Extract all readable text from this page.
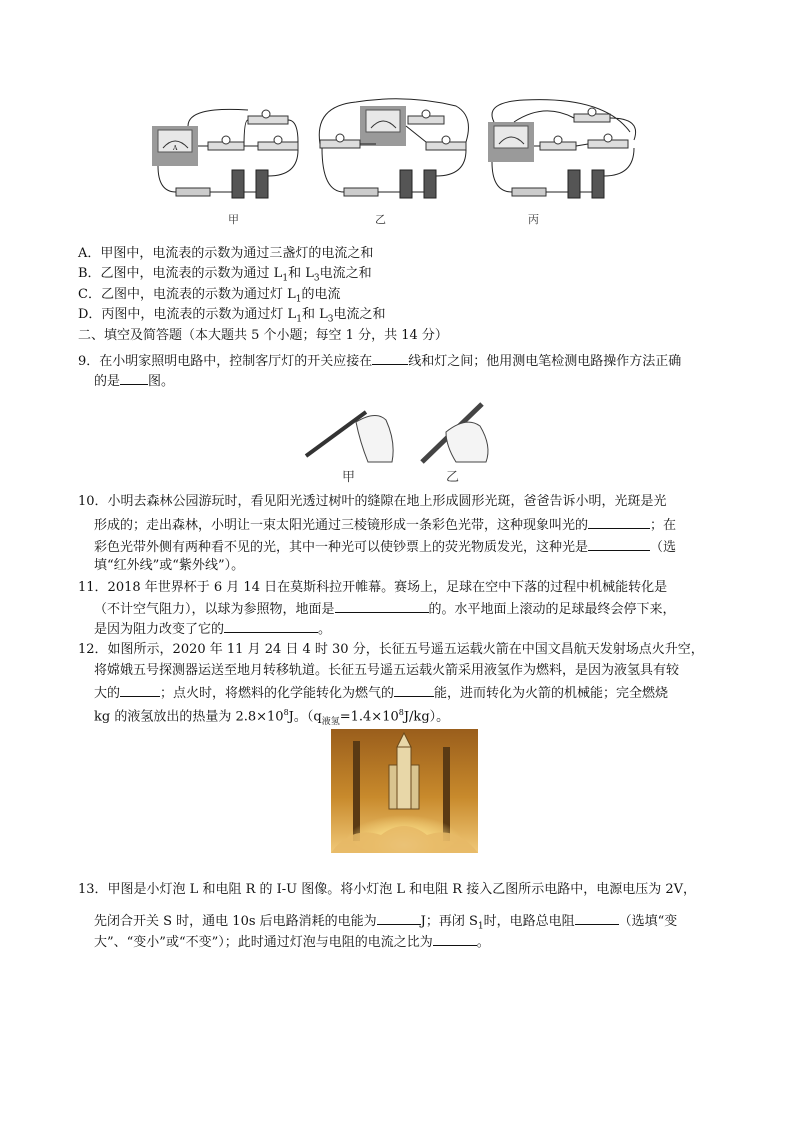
A
甲	乙	丙
A．甲图中，电流表的示数为通过三盏灯的电流之和
B．乙图中，电流表的示数为通过 $L_1$和 $L_3$电流之和
C．乙图中，电流表的示数为通过灯 $L_1$的电流
D．丙图中，电流表的示数为通过灯 $L_1$和 $L_3$电流之和
二、填空及简答题（本大题共 5 个小题；每空 1 分，共 14 分）
9．在小明家照明电路中，控制客厅灯的开关应接在	线和灯之间；他用测电笔检测电路操作方法正确
的是 图。
甲	乙
10．小明去森林公园游玩时，看见阳光透过树叶的缝隙在地上形成圆形光斑，爸爸告诉小明，光斑是光
形成的；走出森林，小明让一束太阳光通过三棱镜形成一条彩色光带，这种现象叫光的	；在
彩色光带外侧有两种看不见的光，其中一种光可以使钞票上的荧光物质发光，这种光是	（选
填“红外线”或“紫外线”）。
11．2018 年世界杯于 6 月 14 日在莫斯科拉开帷幕。赛场上，足球在空中下落的过程中机械能转化是
（不计空气阻力），以球为参照物，地面是	的。水平地面上滚动的足球最终会停下来，
是因为阻力改变了它的	。
12．如图所示，2020 年 11 月 24 日 4 时 30 分，长征五号遥五运载火箭在中国文昌航天发射场点火升空，
将嫦娥五号探测器运送至地月转移轨道。长征五号遥五运载火箭采用液氢作为燃料，是因为液氢具有较
大的	；点火时，将燃料的化学能转化为燃气的	能，进而转化为火箭的机械能；完全燃烧
kg 的液氢放出的热量为 $2.8\times 10^8J$。$(q_{液氢}=1.4\times 10^8J/kg)$。
13．甲图是小灯泡 L 和电阻 R 的 I-U 图像。将小灯泡 L 和电阻 R 接入乙图所示电路中，电源电压为 2V，
先闭合开关 S 时，通电 10s 后电路消耗的电能为	J；再闭 $S_1$时，电路总电阻	（选填“变
大”、“变小”或“不变”）；此时通过灯泡与电阻的电流之比为	。
